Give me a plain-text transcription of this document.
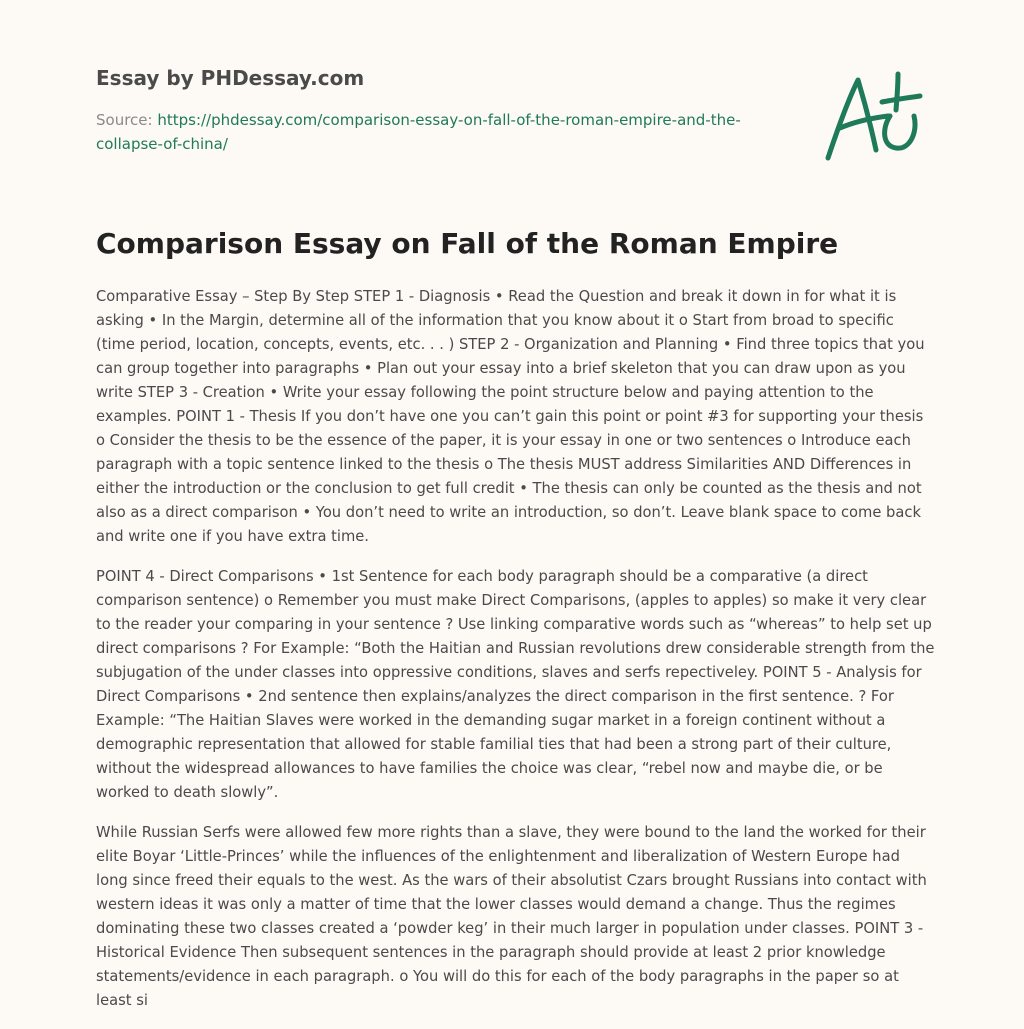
Essay by PHDessay.com
Source: https://phdessay.com/comparison-essay-on-fall-of-the-roman-empire-and-the-
collapse-of-china/
Comparison Essay on Fall of the Roman Empire

Comparative Essay – Step By Step STEP 1 - Diagnosis • Read the Question and break it down in for what it is asking • In the Margin, determine all of the information that you know about it o Start from broad to specific (time period, location, concepts, events, etc. . . ) STEP 2 - Organization and Planning • Find three topics that you can group together into paragraphs • Plan out your essay into a brief skeleton that you can draw upon as you write STEP 3 - Creation • Write your essay following the point structure below and paying attention to the examples. POINT 1 - Thesis If you don’t have one you can’t gain this point or point #3 for supporting your thesis o Consider the thesis to be the essence of the paper, it is your essay in one or two sentences o Introduce each paragraph with a topic sentence linked to the thesis o The thesis MUST address Similarities AND Differences in either the introduction or the conclusion to get full credit • The thesis can only be counted as the thesis and not also as a direct comparison • You don’t need to write an introduction, so don’t. Leave blank space to come back and write one if you have extra time.

POINT 4 - Direct Comparisons • 1st Sentence for each body paragraph should be a comparative (a direct comparison sentence) o Remember you must make Direct Comparisons, (apples to apples) so make it very clear to the reader your comparing in your sentence ? Use linking comparative words such as “whereas” to help set up direct comparisons ? For Example: “Both the Haitian and Russian revolutions drew considerable strength from the subjugation of the under classes into oppressive conditions, slaves and serfs repectiveley. POINT 5 - Analysis for Direct Comparisons • 2nd sentence then explains/analyzes the direct comparison in the first sentence. ? For Example: “The Haitian Slaves were worked in the demanding sugar market in a foreign continent without a demographic representation that allowed for stable familial ties that had been a strong part of their culture, without the widespread allowances to have families the choice was clear, “rebel now and maybe die, or be worked to death slowly”.

While Russian Serfs were allowed few more rights than a slave, they were bound to the land the worked for their elite Boyar ‘Little-Princes’ while the influences of the enlightenment and liberalization of Western Europe had long since freed their equals to the west. As the wars of their absolutist Czars brought Russians into contact with western ideas it was only a matter of time that the lower classes would demand a change. Thus the regimes dominating these two classes created a ‘powder keg’ in their much larger in population under classes. POINT 3 - Historical Evidence Then subsequent sentences in the paragraph should provide at least 2 prior knowledge statements/evidence in each paragraph. o You will do this for each of the body paragraphs in the paper so at least si
